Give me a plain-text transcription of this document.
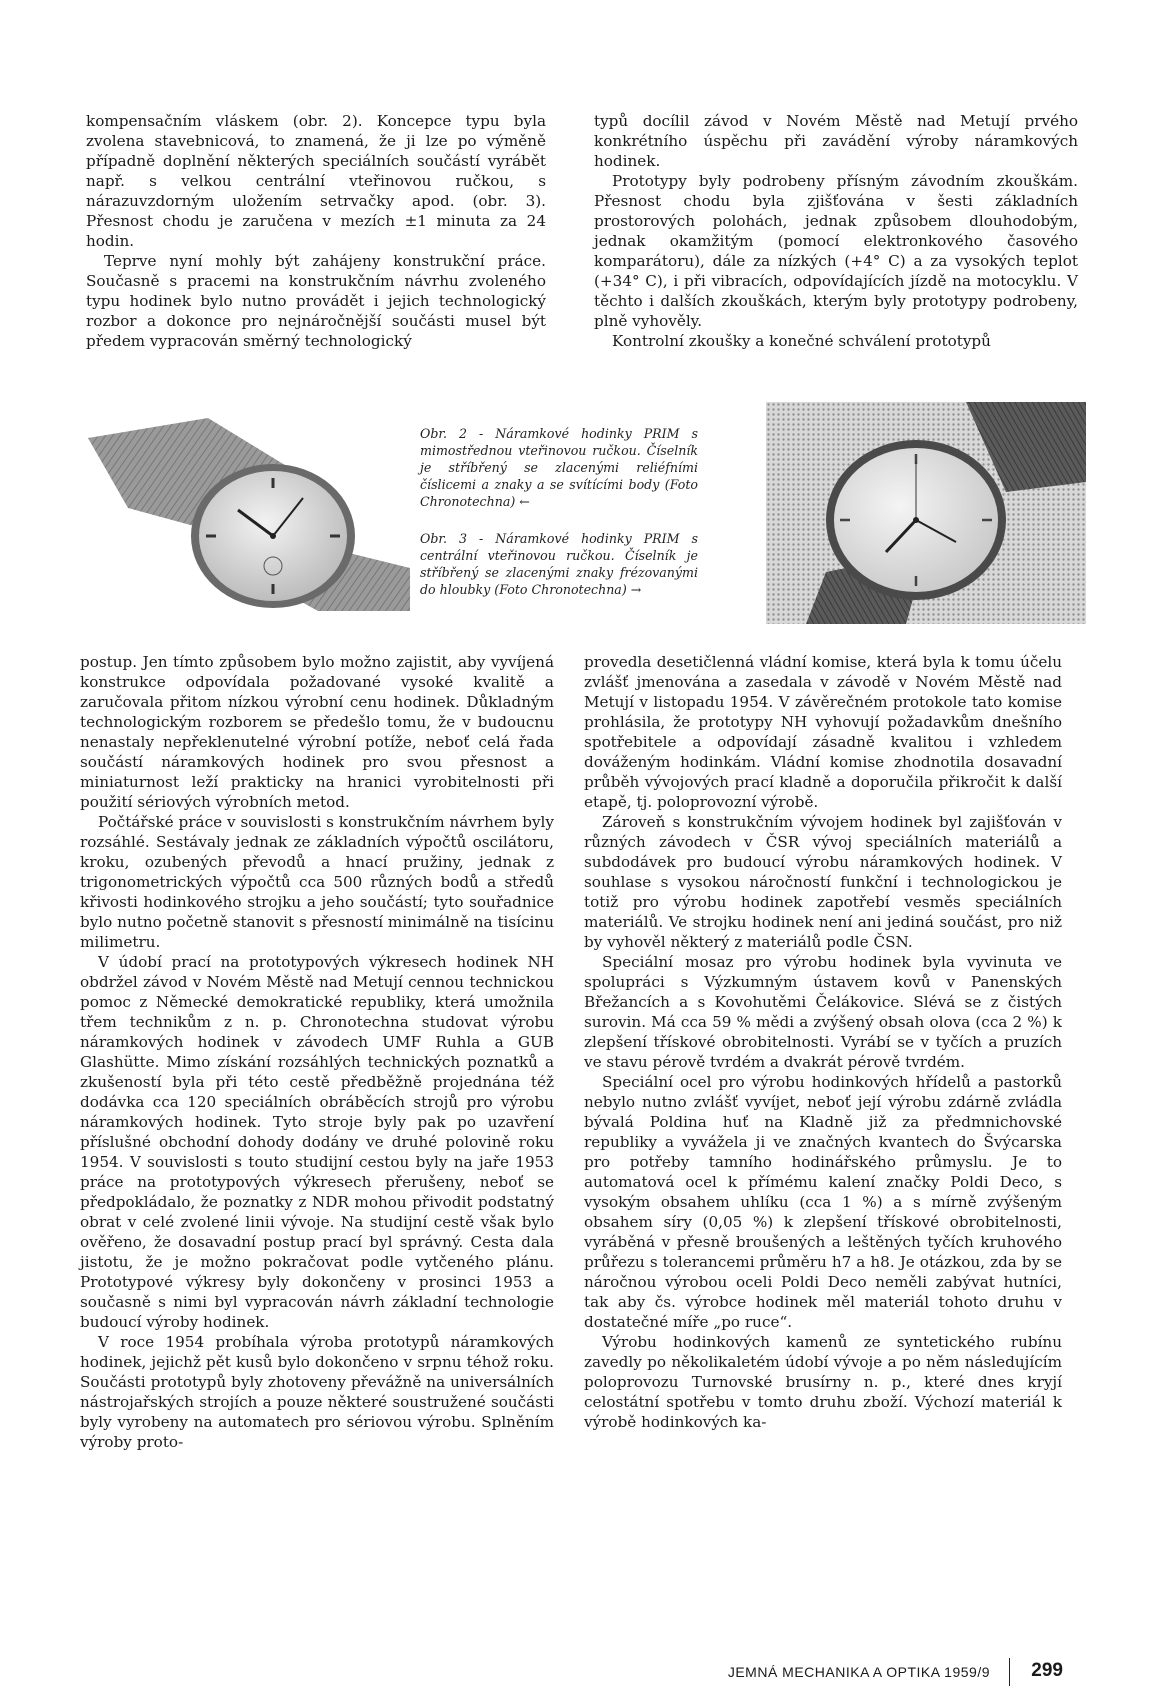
kompensačním vláskem (obr. 2). Koncepce typu byla zvolena stavebnicová, to znamená, že ji lze po výměně případně doplnění některých speciálních součástí vyrábět např. s velkou centrální vteřinovou ručkou, s nárazuvzdorným uložením setrvačky apod. (obr. 3). Přesnost chodu je zaručena v mezích ±1 minuta za 24 hodin.

Teprve nyní mohly být zahájeny konstrukční práce. Současně s pracemi na konstrukčním návrhu zvoleného typu hodinek bylo nutno provádět i jejich technologický rozbor a dokonce pro nejnáročnější součásti musel být předem vypracován směrný technologický

typů docílil závod v Novém Městě nad Metují prvého konkrétního úspěchu při zavádění výroby náramkových hodinek.

Prototypy byly podrobeny přísným závodním zkouškám. Přesnost chodu byla zjišťována v šesti základních prostorových polohách, jednak způsobem dlouhodobým, jednak okamžitým (pomocí elektronkového časového komparátoru), dále za nízkých (+4° C) a za vysokých teplot (+34° C), i při vibracích, odpovídajících jízdě na motocyklu. V těchto i dalších zkouškách, kterým byly prototypy podrobeny, plně vyhověly.

Kontrolní zkoušky a konečné schválení prototypů

Obr. 2 - Náramkové hodinky PRIM s mimostřednou vteřinovou ručkou. Číselník je stříbřený se zlacenými reliéfními číslicemi a znaky a se svítícími body (Foto Chronotechna) ←
Obr. 3 - Náramkové hodinky PRIM s centrální vteřinovou ručkou. Číselník je stříbřený se zlacenými znaky frézovanými do hloubky (Foto Chronotechna) →

postup. Jen tímto způsobem bylo možno zajistit, aby vyvíjená konstrukce odpovídala požadované vysoké kvalitě a zaručovala přitom nízkou výrobní cenu hodinek. Důkladným technologickým rozborem se předešlo tomu, že v budoucnu nenastaly nepřeklenutelné výrobní potíže, neboť celá řada součástí náramkových hodinek pro svou přesnost a miniaturnost leží prakticky na hranici vyrobitelnosti při použití sériových výrobních metod.

Počtářské práce v souvislosti s konstrukčním návrhem byly rozsáhlé. Sestávaly jednak ze základních výpočtů oscilátoru, kroku, ozubených převodů a hnací pružiny, jednak z trigonometrických výpočtů cca 500 různých bodů a středů křivosti hodinkového strojku a jeho součástí; tyto souřadnice bylo nutno početně stanovit s přesností minimálně na tisícinu milimetru.

V údobí prací na prototypových výkresech hodinek NH obdržel závod v Novém Městě nad Metují cennou technickou pomoc z Německé demokratické republiky, která umožnila třem technikům z n. p. Chronotechna studovat výrobu náramkových hodinek v závodech UMF Ruhla a GUB Glashütte. Mimo získání rozsáhlých technických poznatků a zkušeností byla při této cestě předběžně projednána též dodávka cca 120 speciálních obráběcích strojů pro výrobu náramkových hodinek. Tyto stroje byly pak po uzavření příslušné obchodní dohody dodány ve druhé polovině roku 1954. V souvislosti s touto studijní cestou byly na jaře 1953 práce na prototypových výkresech přerušeny, neboť se předpokládalo, že poznatky z NDR mohou přivodit podstatný obrat v celé zvolené linii vývoje. Na studijní cestě však bylo ověřeno, že dosavadní postup prací byl správný. Cesta dala jistotu, že je možno pokračovat podle vytčeného plánu. Prototypové výkresy byly dokončeny v prosinci 1953 a současně s nimi byl vypracován návrh základní technologie budoucí výroby hodinek.

V roce 1954 probíhala výroba prototypů náramkových hodinek, jejichž pět kusů bylo dokončeno v srpnu téhož roku. Součásti prototypů byly zhotoveny převážně na universálních nástrojařských strojích a pouze některé soustružené součásti byly vyrobeny na automatech pro sériovou výrobu. Splněním výroby proto-

provedla desetičlenná vládní komise, která byla k tomu účelu zvlášť jmenována a zasedala v závodě v Novém Městě nad Metují v listopadu 1954. V závěrečném protokole tato komise prohlásila, že prototypy NH vyhovují požadavkům dnešního spotřebitele a odpovídají zásadně kvalitou i vzhledem dováženým hodinkám. Vládní komise zhodnotila dosavadní průběh vývojových prací kladně a doporučila přikročit k další etapě, tj. poloprovozní výrobě.

Zároveň s konstrukčním vývojem hodinek byl zajišťován v různých závodech v ČSR vývoj speciálních materiálů a subdodávek pro budoucí výrobu náramkových hodinek. V souhlase s vysokou náročností funkční i technologickou je totiž pro výrobu hodinek zapotřebí vesměs speciálních materiálů. Ve strojku hodinek není ani jediná součást, pro niž by vyhověl některý z materiálů podle ČSN.

Speciální mosaz pro výrobu hodinek byla vyvinuta ve spolupráci s Výzkumným ústavem kovů v Panenských Břežancích a s Kovohutěmi Čelákovice. Slévá se z čistých surovin. Má cca 59 % mědi a zvýšený obsah olova (cca 2 %) k zlepšení třískové obrobitelnosti. Vyrábí se v tyčích a pruzích ve stavu pérově tvrdém a dvakrát pérově tvrdém.

Speciální ocel pro výrobu hodinkových hřídelů a pastorků nebylo nutno zvlášť vyvíjet, neboť její výrobu zdárně zvládla bývalá Poldina huť na Kladně již za předmnichovské republiky a vyvážela ji ve značných kvantech do Švýcarska pro potřeby tamního hodinářského průmyslu. Je to automatová ocel k přímému kalení značky Poldi Deco, s vysokým obsahem uhlíku (cca 1 %) a s mírně zvýšeným obsahem síry (0,05 %) k zlepšení třískové obrobitelnosti, vyráběná v přesně broušených a leštěných tyčích kruhového průřezu s tolerancemi průměru h7 a h8. Je otázkou, zda by se náročnou výrobou oceli Poldi Deco neměli zabývat hutníci, tak aby čs. výrobce hodinek měl materiál tohoto druhu v dostatečné míře „po ruce“.

Výrobu hodinkových kamenů ze syntetického rubínu zavedly po několikaletém údobí vývoje a po něm následujícím poloprovozu Turnovské brusírny n. p., které dnes kryjí celostátní spotřebu v tomto druhu zboží. Výchozí materiál k výrobě hodinkových ka-

JEMNÁ MECHANIKA A OPTIKA 1959/9 299
